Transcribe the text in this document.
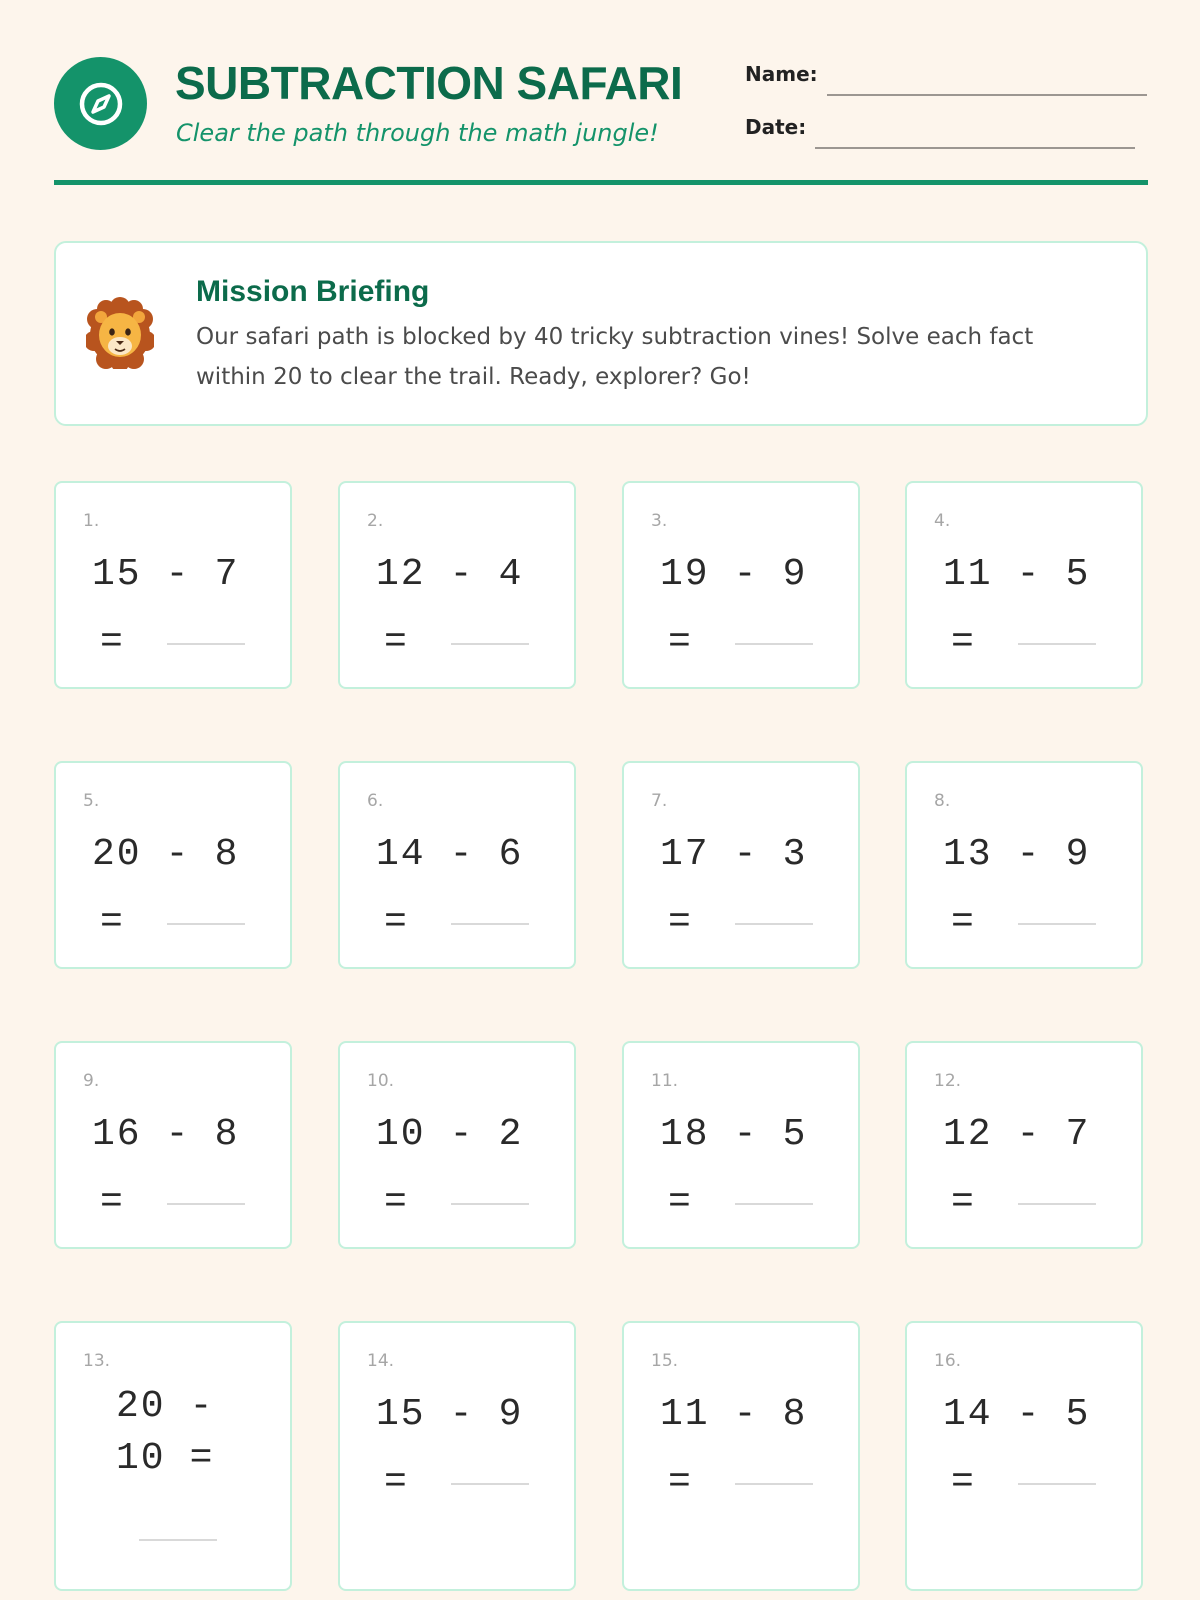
SUBTRACTION SAFARI
Clear the path through the math jungle!
Name:
Date:
Mission Briefing
Our safari path is blocked by 40 tricky subtraction vines! Solve each fact within 20 to clear the trail. Ready, explorer? Go!
1.
15 - 7
=
2.
12 - 4
=
3.
19 - 9
=
4.
11 - 5
=
5.
20 - 8
=
6.
14 - 6
=
7.
17 - 3
=
8.
13 - 9
=
9.
16 - 8
=
10.
10 - 2
=
11.
18 - 5
=
12.
12 - 7
=
13.
20 -
10 =
14.
15 - 9
=
15.
11 - 8
=
16.
14 - 5
=
